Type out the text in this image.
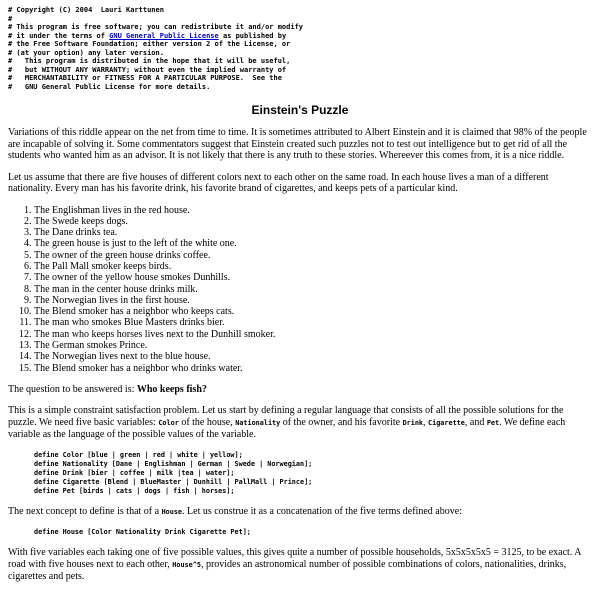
# Copyright (C) 2004  Lauri Karttunen
#
# This program is free software; you can redistribute it and/or modify
# it under the terms of GNU General Public License as published by
# the Free Software Foundation; either version 2 of the License, or
# (at your option) any later version.
#   This program is distributed in the hope that it will be useful,
#   but WITHOUT ANY WARRANTY; without even the implied warranty of
#   MERCHANTABILITY or FITNESS FOR A PARTICULAR PURPOSE.  See the
#   GNU General Public License for more details.
Einstein's Puzzle

Variations of this riddle appear on the net from time to time. It is sometimes attributed to Albert Einstein and it is claimed that 98% of the people are incapable of solving it. Some commentators suggest that Einstein created such puzzles not to test out intelligence but to get rid of all the students who wanted him as an advisor. It is not likely that there is any truth to these stories. Whereever this comes from, it is a nice riddle.

Let us assume that there are five houses of different colors next to each other on the same road. In each house lives a man of a different nationality. Every man has his favorite drink, his favorite brand of cigarettes, and keeps pets of a particular kind.

1. The Englishman lives in the red house.
2. The Swede keeps dogs.
3. The Dane drinks tea.
4. The green house is just to the left of the white one.
5. The owner of the green house drinks coffee.
6. The Pall Mall smoker keeps birds.
7. The owner of the yellow house smokes Dunhills.
8. The man in the center house drinks milk.
9. The Norwegian lives in the first house.
10. The Blend smoker has a neighbor who keeps cats.
11. The man who smokes Blue Masters drinks bier.
12. The man who keeps horses lives next to the Dunhill smoker.
13. The German smokes Prince.
14. The Norwegian lives next to the blue house.
15. The Blend smoker has a neighbor who drinks water.

The question to be answered is: Who keeps fish?

This is a simple constraint satisfaction problem. Let us start by defining a regular language that consists of all the possible solutions for the puzzle. We need five basic variables: Color of the house, Nationality of the owner, and his favorite Drink, Cigarette, and Pet. We define each variable as the language of the possible values of the variable.

define Color [blue | green | red | white | yellow];
define Nationality [Dane | Englishman | German | Swede | Norwegian];
define Drink [bier | coffee | milk |tea | water];
define Cigarette [Blend | BlueMaster | Dunhill | PallMall | Prince];
define Pet [birds | cats | dogs | fish | horses];

The next concept to define is that of a House. Let us construe it as a concatenation of the five terms defined above:

define House [Color Nationality Drink Cigarette Pet];

With five variables each taking one of five possible values, this gives quite a number of possible households, 5x5x5x5x5 = 3125, to be exact. A road with five houses next to each other, House^5, provides an astronomical number of possible combinations of colors, nationalities, drinks, cigarettes and pets.
